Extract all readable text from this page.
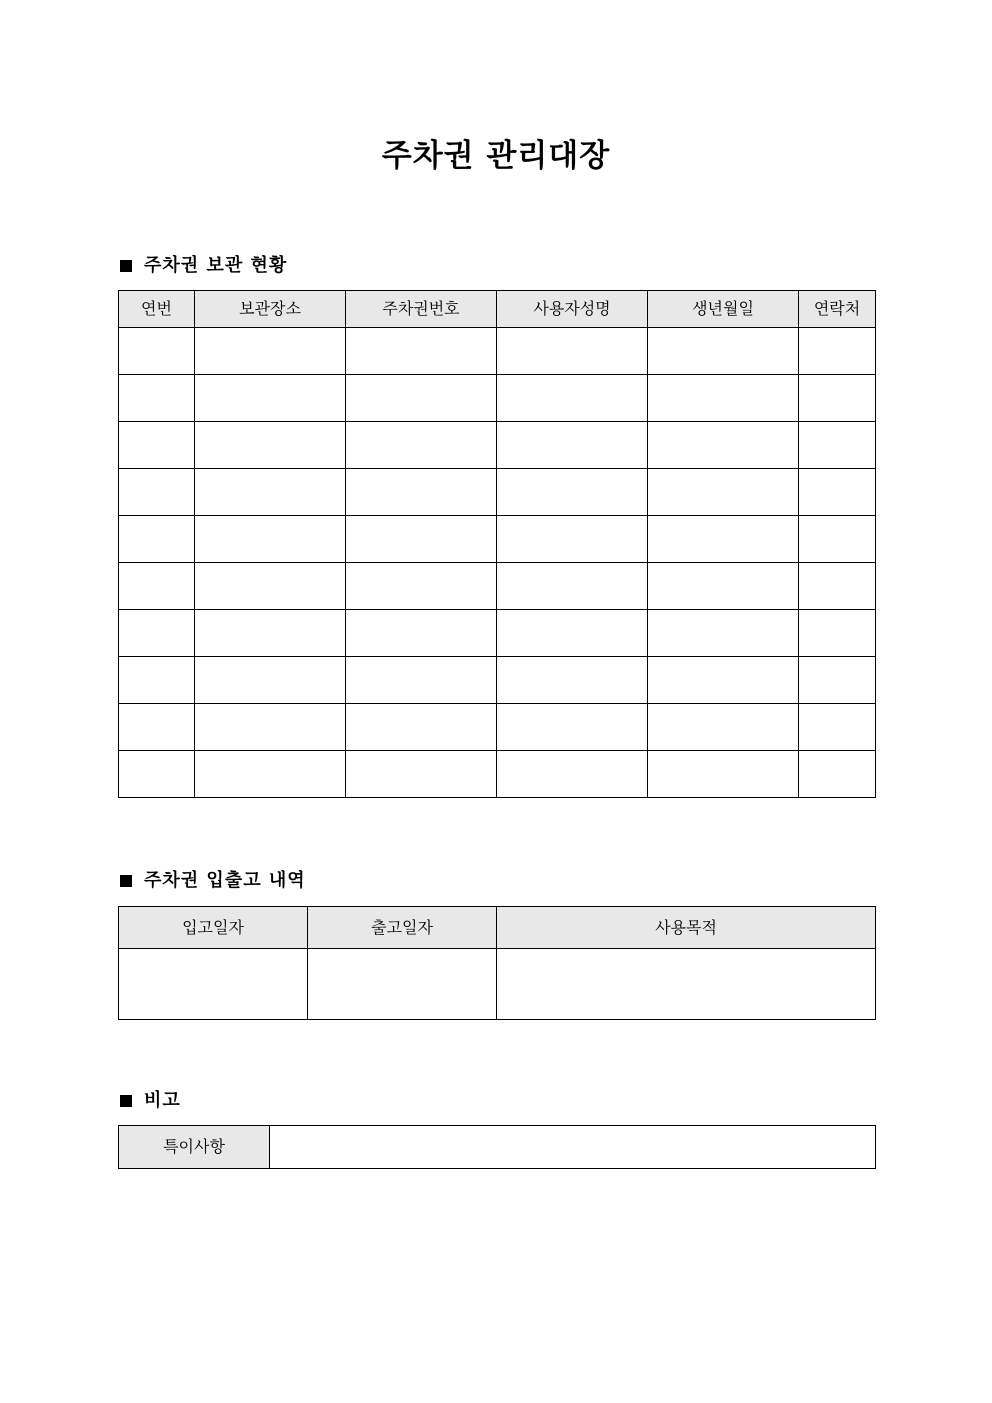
주차권 관리대장
주차권 보관 현황
연번	보관장소	주차권번호	사용자성명	생년월일	연락처

주차권 입출고 내역
입고일자	출고일자	사용목적

비고
특이사항	
